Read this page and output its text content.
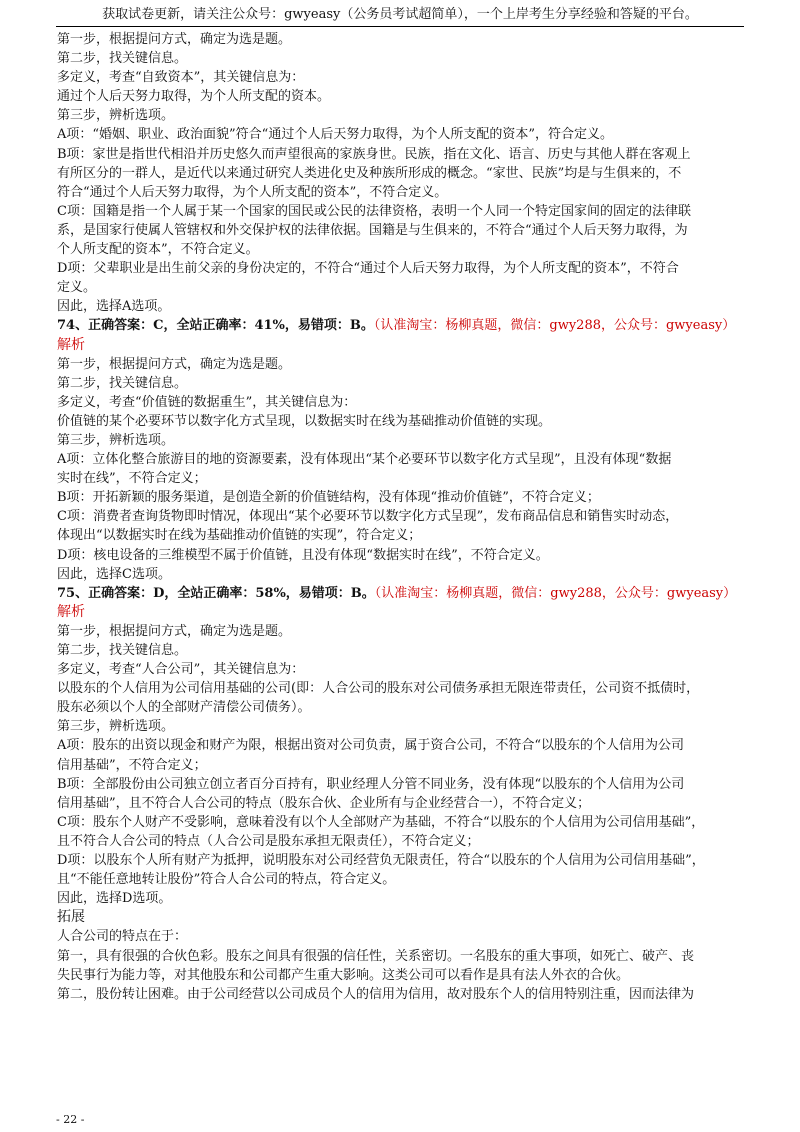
获取试卷更新，请关注公众号：gwyeasy（公务员考试超简单），一个上岸考生分享经验和答疑的平台。

第一步，根据提问方式，确定为选是题。

第二步，找关键信息。

多定义，考查“自致资本”，其关键信息为：

通过个人后天努力取得，为个人所支配的资本。

第三步，辨析选项。

A项：“婚姻、职业、政治面貌”符合“通过个人后天努力取得，为个人所支配的资本”，符合定义。

B项：家世是指世代相沿并历史悠久而声望很高的家族身世。民族，指在文化、语言、历史与其他人群在客观上

有所区分的一群人，是近代以来通过研究人类进化史及种族所形成的概念。“家世、民族”均是与生俱来的，不

符合“通过个人后天努力取得，为个人所支配的资本”，不符合定义。

C项：国籍是指一个人属于某一个国家的国民或公民的法律资格，表明一个人同一个特定国家间的固定的法律联

系，是国家行使属人管辖权和外交保护权的法律依据。国籍是与生俱来的，不符合“通过个人后天努力取得，为

个人所支配的资本”，不符合定义。

D项：父辈职业是出生前父亲的身份决定的，不符合“通过个人后天努力取得，为个人所支配的资本”，不符合

定义。

因此，选择A选项。

74、正确答案：C，全站正确率：41%，易错项：B。（认准淘宝：杨柳真题，微信：gwy288，公众号：gwyeasy）

解析

第一步，根据提问方式，确定为选是题。

第二步，找关键信息。

多定义，考查“价值链的数据重生”，其关键信息为：

价值链的某个必要环节以数字化方式呈现，以数据实时在线为基础推动价值链的实现。

第三步，辨析选项。

A项：立体化整合旅游目的地的资源要素，没有体现出“某个必要环节以数字化方式呈现”，且没有体现“数据

实时在线”，不符合定义；

B项：开拓新颖的服务渠道，是创造全新的价值链结构，没有体现“推动价值链”，不符合定义；

C项：消费者查询货物即时情况，体现出“某个必要环节以数字化方式呈现”，发布商品信息和销售实时动态，

体现出“以数据实时在线为基础推动价值链的实现”，符合定义；

D项：核电设备的三维模型不属于价值链，且没有体现“数据实时在线”，不符合定义。

因此，选择C选项。

75、正确答案：D，全站正确率：58%，易错项：B。（认准淘宝：杨柳真题，微信：gwy288，公众号：gwyeasy）

解析

第一步，根据提问方式，确定为选是题。

第二步，找关键信息。

多定义，考查“人合公司”，其关键信息为：

以股东的个人信用为公司信用基础的公司(即：人合公司的股东对公司债务承担无限连带责任，公司资不抵债时，

股东必须以个人的全部财产清偿公司债务）。

第三步，辨析选项。

A项：股东的出资以现金和财产为限，根据出资对公司负责，属于资合公司，不符合“以股东的个人信用为公司

信用基础”，不符合定义；

B项：全部股份由公司独立创立者百分百持有，职业经理人分管不同业务，没有体现“以股东的个人信用为公司

信用基础”，且不符合人合公司的特点（股东合伙、企业所有与企业经营合一），不符合定义；

C项：股东个人财产不受影响，意味着没有以个人全部财产为基础，不符合“以股东的个人信用为公司信用基础”，

且不符合人合公司的特点（人合公司是股东承担无限责任），不符合定义；

D项：以股东个人所有财产为抵押，说明股东对公司经营负无限责任，符合“以股东的个人信用为公司信用基础”，

且“不能任意地转让股份”符合人合公司的特点，符合定义。

因此，选择D选项。

拓展

人合公司的特点在于：

第一，具有很强的合伙色彩。股东之间具有很强的信任性，关系密切。一名股东的重大事项，如死亡、破产、丧

失民事行为能力等，对其他股东和公司都产生重大影响。这类公司可以看作是具有法人外衣的合伙。

第二，股份转让困难。由于公司经营以公司成员个人的信用为信用，故对股东个人的信用特别注重，因而法律为

- 22 -
